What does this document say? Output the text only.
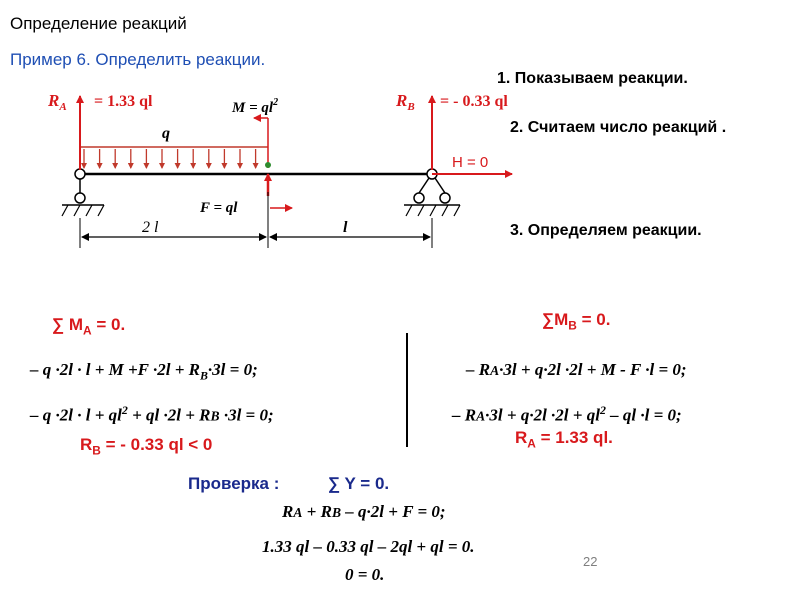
Определение реакций
Пример 6. Определить реакции.
1. Показываем реакции.
2. Считаем число реакций .
3. Определяем реакции.
$R_A = 1.33$ ql	$M = ql^2$	$R_B$ = - 0.33 ql
q
F = ql
H = 0
2 l	l
∑ $M_A = 0$.
– $q \cdot 2l \cdot l + M +F \cdot 2l + R_B\cdot 3l = 0$;
– $q \cdot 2l \cdot l + ql^2$ + ql ·2l + RB ·3l = 0;
$R_B$ = - 0.33 ql < 0
$\sum M_B = 0$.
– RA·3l + q·2l ·2l + M - F ·l = 0;
– $RA\cdot 3l + q\cdot 2l \cdot 2l + ql^2$ – ql ·l = 0;
$R_A = 1.33$ ql.
Проверка :	∑ Y = 0.
RA + RB – q·2l + F = 0;
1.33 ql – 0.33 ql – 2ql + ql = 0.
0 = 0.
22
